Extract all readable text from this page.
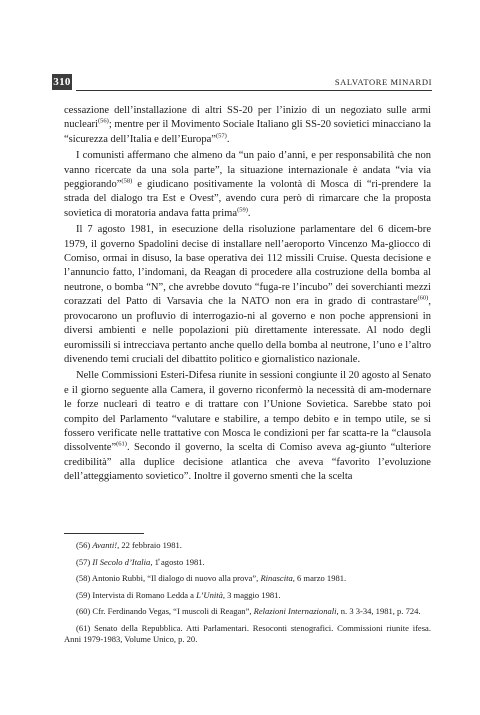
310	SALVATORE MINARDI

cessazione dell’installazione di altri SS-20 per l’inizio di un negoziato sulle armi nucleari$^{(56)}$; mentre per il Movimento Sociale Italiano gli SS-20 sovietici minacciano la “sicurezza dell’Italia e dell’Europa”$^{(57)}$.

I comunisti affermano che almeno da “un paio d’anni, e per responsabilità che non vanno ricercate da una sola parte”, la situazione internazionale è andata “via via peggiorando”$^{(58)}$ e giudicano positivamente la volontà di Mosca di “ri-prendere la strada del dialogo tra Est e Ovest”, avendo cura però di rimarcare che la proposta sovietica di moratoria andava fatta prima$^{(59)}$.

Il 7 agosto 1981, in esecuzione della risoluzione parlamentare del 6 dicem-bre 1979, il governo Spadolini decise di installare nell’aeroporto Vincenzo Ma-gliocco di Comiso, ormai in disuso, la base operativa dei 112 missili Cruise. Questa decisione e l’annuncio fatto, l’indomani, da Reagan di procedere alla costruzione della bomba al neutrone, o bomba “N”, che avrebbe dovuto “fuga-re l’incubo” dei soverchianti mezzi corazzati del Patto di Varsavia che la NATO non era in grado di contrastare$^{(60)}$, provocarono un profluvio di interrogazio-ni al governo e non poche apprensioni in diversi ambienti e nelle popolazioni più direttamente interessate. Al nodo degli euromissili si intrecciava pertanto anche quello della bomba al neutrone, l’uno e l’altro divenendo temi cruciali del dibattito politico e giornalistico nazionale.

Nelle Commissioni Esteri-Difesa riunite in sessioni congiunte il 20 agosto al Senato e il giorno seguente alla Camera, il governo riconfermò la necessità di am-modernare le forze nucleari di teatro e di trattare con l’Unione Sovietica. Sarebbe stato poi compito del Parlamento “valutare e stabilire, a tempo debito e in tempo utile, se si fossero verificate nelle trattative con Mosca le condizioni per far scatta-re la “clausola dissolvente”$^{(61)}$. Secondo il governo, la scelta di Comiso aveva ag-giunto “ulteriore credibilità” alla duplice decisione atlantica che aveva “favorito l’evoluzione dell’atteggiamento sovietico”. Inoltre il governo smentì che la scelta

(56) Avanti!, 22 febbraio 1981.

(57) Il Secolo d’Italia, 1̊ agosto 1981.

(58) Antonio Rubbi, “Il dialogo di nuovo alla prova”, Rinascita, 6 marzo 1981.

(59) Intervista di Romano Ledda a L’Unità, 3 maggio 1981.

(60) Cfr. Ferdinando Vegas, “I muscoli di Reagan”, Relazioni Internazionali, n. 3 3-34, 1981, p. 724.

(61) Senato della Repubblica. Atti Parlamentari. Resoconti stenografici. Commissioni riunite ifesa. Anni 1979-1983, Volume Unico, p. 20.
